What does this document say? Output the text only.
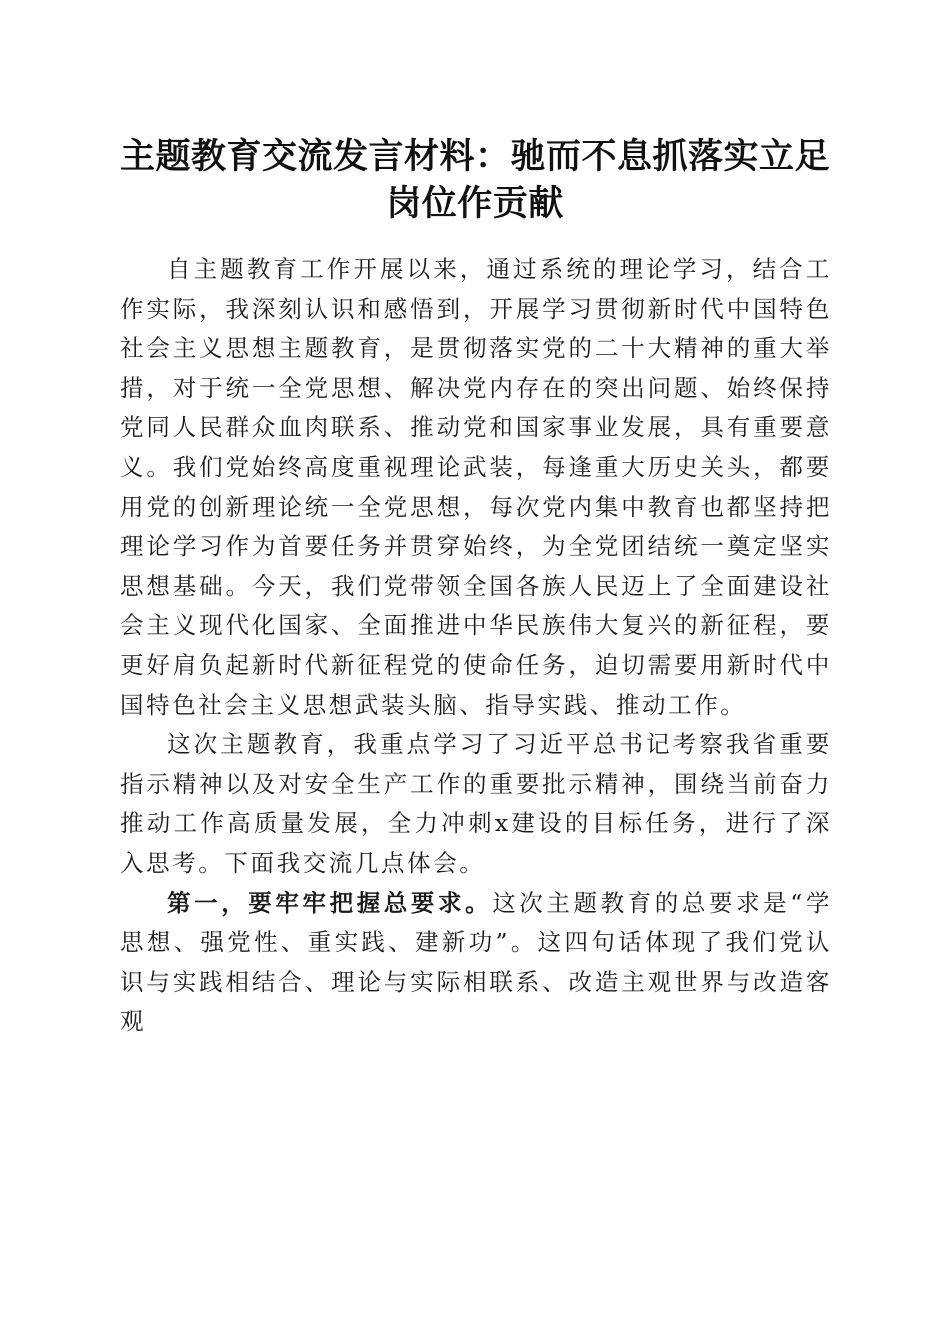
主题教育交流发言材料：驰而不息抓落实立足岗位作贡献

自主题教育工作开展以来，通过系统的理论学习，结合工作实际，我深刻认识和感悟到，开展学习贯彻新时代中国特色社会主义思想主题教育，是贯彻落实党的二十大精神的重大举措，对于统一全党思想、解决党内存在的突出问题、始终保持党同人民群众血肉联系、推动党和国家事业发展，具有重要意义。我们党始终高度重视理论武装，每逢重大历史关头，都要用党的创新理论统一全党思想，每次党内集中教育也都坚持把理论学习作为首要任务并贯穿始终，为全党团结统一奠定坚实思想基础。今天，我们党带领全国各族人民迈上了全面建设社会主义现代化国家、全面推进中华民族伟大复兴的新征程，要更好肩负起新时代新征程党的使命任务，迫切需要用新时代中国特色社会主义思想武装头脑、指导实践、推动工作。

这次主题教育，我重点学习了习近平总书记考察我省重要指示精神以及对安全生产工作的重要批示精神，围绕当前奋力推动工作高质量发展，全力冲刺x建设的目标任务，进行了深入思考。下面我交流几点体会。

第一，要牢牢把握总要求。这次主题教育的总要求是“学思想、强党性、重实践、建新功”。这四句话体现了我们党认识与实践相结合、理论与实际相联系、改造主观世界与改造客观
